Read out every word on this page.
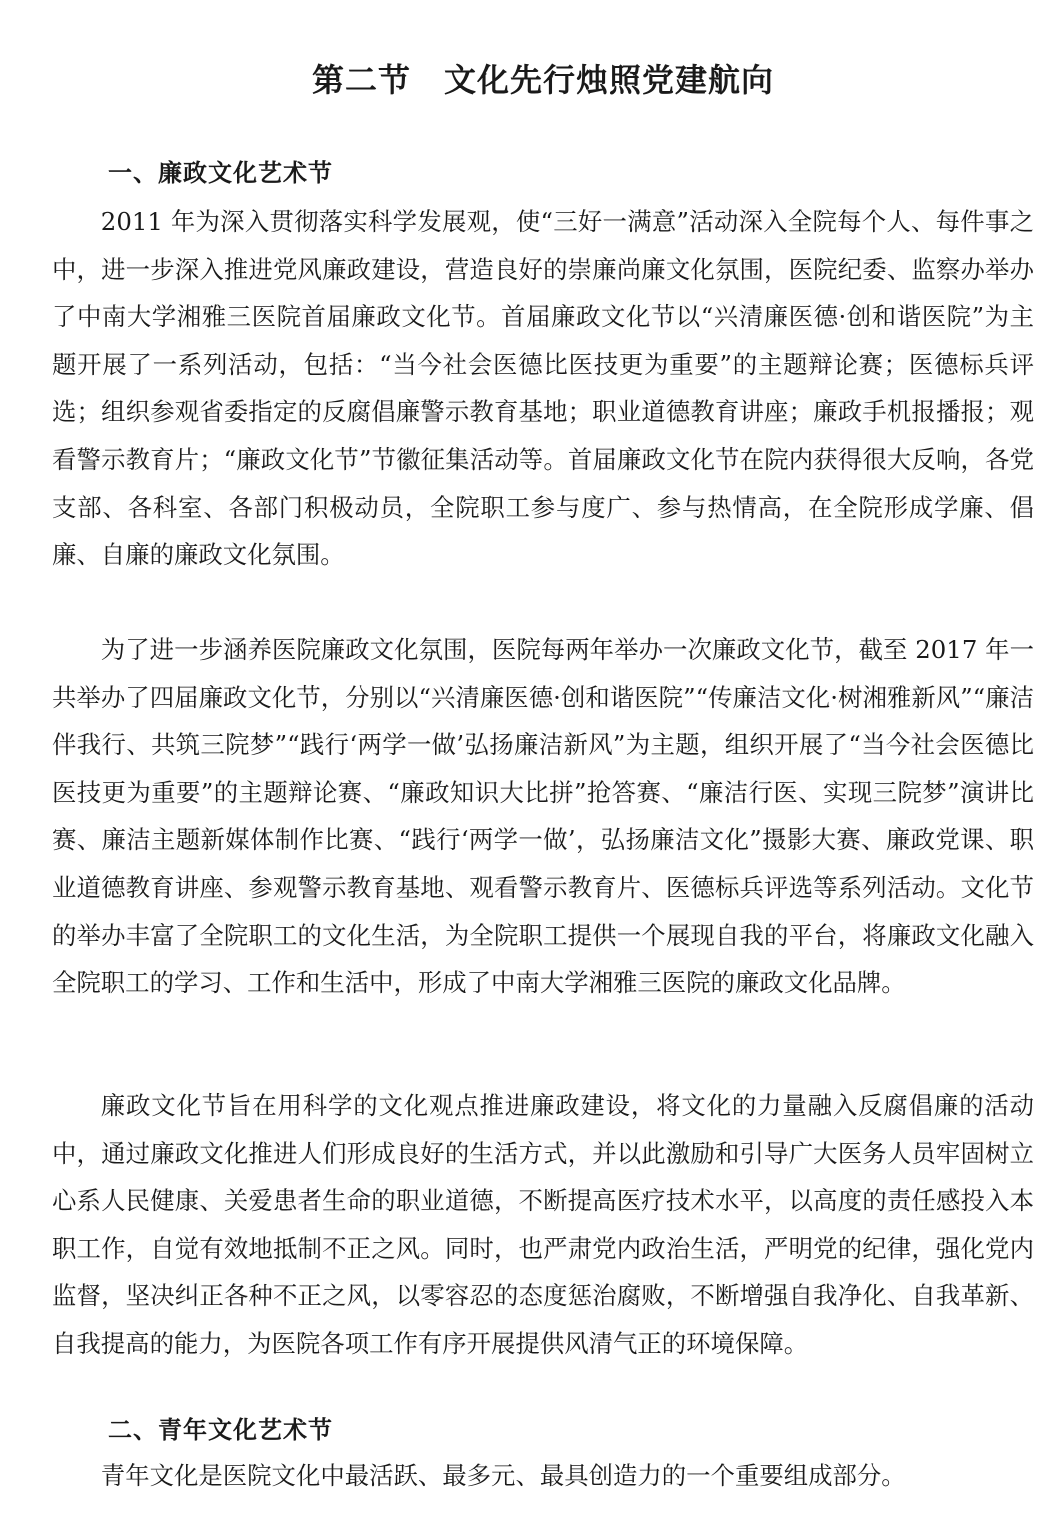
第二节　文化先行烛照党建航向
一、廉政文化艺术节

2011 年为深入贯彻落实科学发展观，使“三好一满意”活动深入全院每个人、每件事之中，进一步深入推进党风廉政建设，营造良好的崇廉尚廉文化氛围，医院纪委、监察办举办了中南大学湘雅三医院首届廉政文化节。首届廉政文化节以“兴清廉医德·创和谐医院”为主题开展了一系列活动，包括：“当今社会医德比医技更为重要”的主题辩论赛；医德标兵评选；组织参观省委指定的反腐倡廉警示教育基地；职业道德教育讲座；廉政手机报播报；观看警示教育片；“廉政文化节”节徽征集活动等。首届廉政文化节在院内获得很大反响，各党支部、各科室、各部门积极动员，全院职工参与度广、参与热情高，在全院形成学廉、倡廉、自廉的廉政文化氛围。

为了进一步涵养医院廉政文化氛围，医院每两年举办一次廉政文化节，截至 2017 年一共举办了四届廉政文化节，分别以“兴清廉医德·创和谐医院”“传廉洁文化·树湘雅新风”“廉洁伴我行、共筑三院梦”“践行‘两学一做’弘扬廉洁新风”为主题，组织开展了“当今社会医德比医技更为重要”的主题辩论赛、“廉政知识大比拼”抢答赛、“廉洁行医、实现三院梦”演讲比赛、廉洁主题新媒体制作比赛、“践行‘两学一做’，弘扬廉洁文化”摄影大赛、廉政党课、职业道德教育讲座、参观警示教育基地、观看警示教育片、医德标兵评选等系列活动。文化节的举办丰富了全院职工的文化生活，为全院职工提供一个展现自我的平台，将廉政文化融入全院职工的学习、工作和生活中，形成了中南大学湘雅三医院的廉政文化品牌。

廉政文化节旨在用科学的文化观点推进廉政建设，将文化的力量融入反腐倡廉的活动中，通过廉政文化推进人们形成良好的生活方式，并以此激励和引导广大医务人员牢固树立心系人民健康、关爱患者生命的职业道德，不断提高医疗技术水平，以高度的责任感投入本职工作，自觉有效地抵制不正之风。同时，也严肃党内政治生活，严明党的纪律，强化党内监督，坚决纠正各种不正之风，以零容忍的态度惩治腐败，不断增强自我净化、自我革新、自我提高的能力，为医院各项工作有序开展提供风清气正的环境保障。

二、青年文化艺术节

青年文化是医院文化中最活跃、最多元、最具创造力的一个重要组成部分。
